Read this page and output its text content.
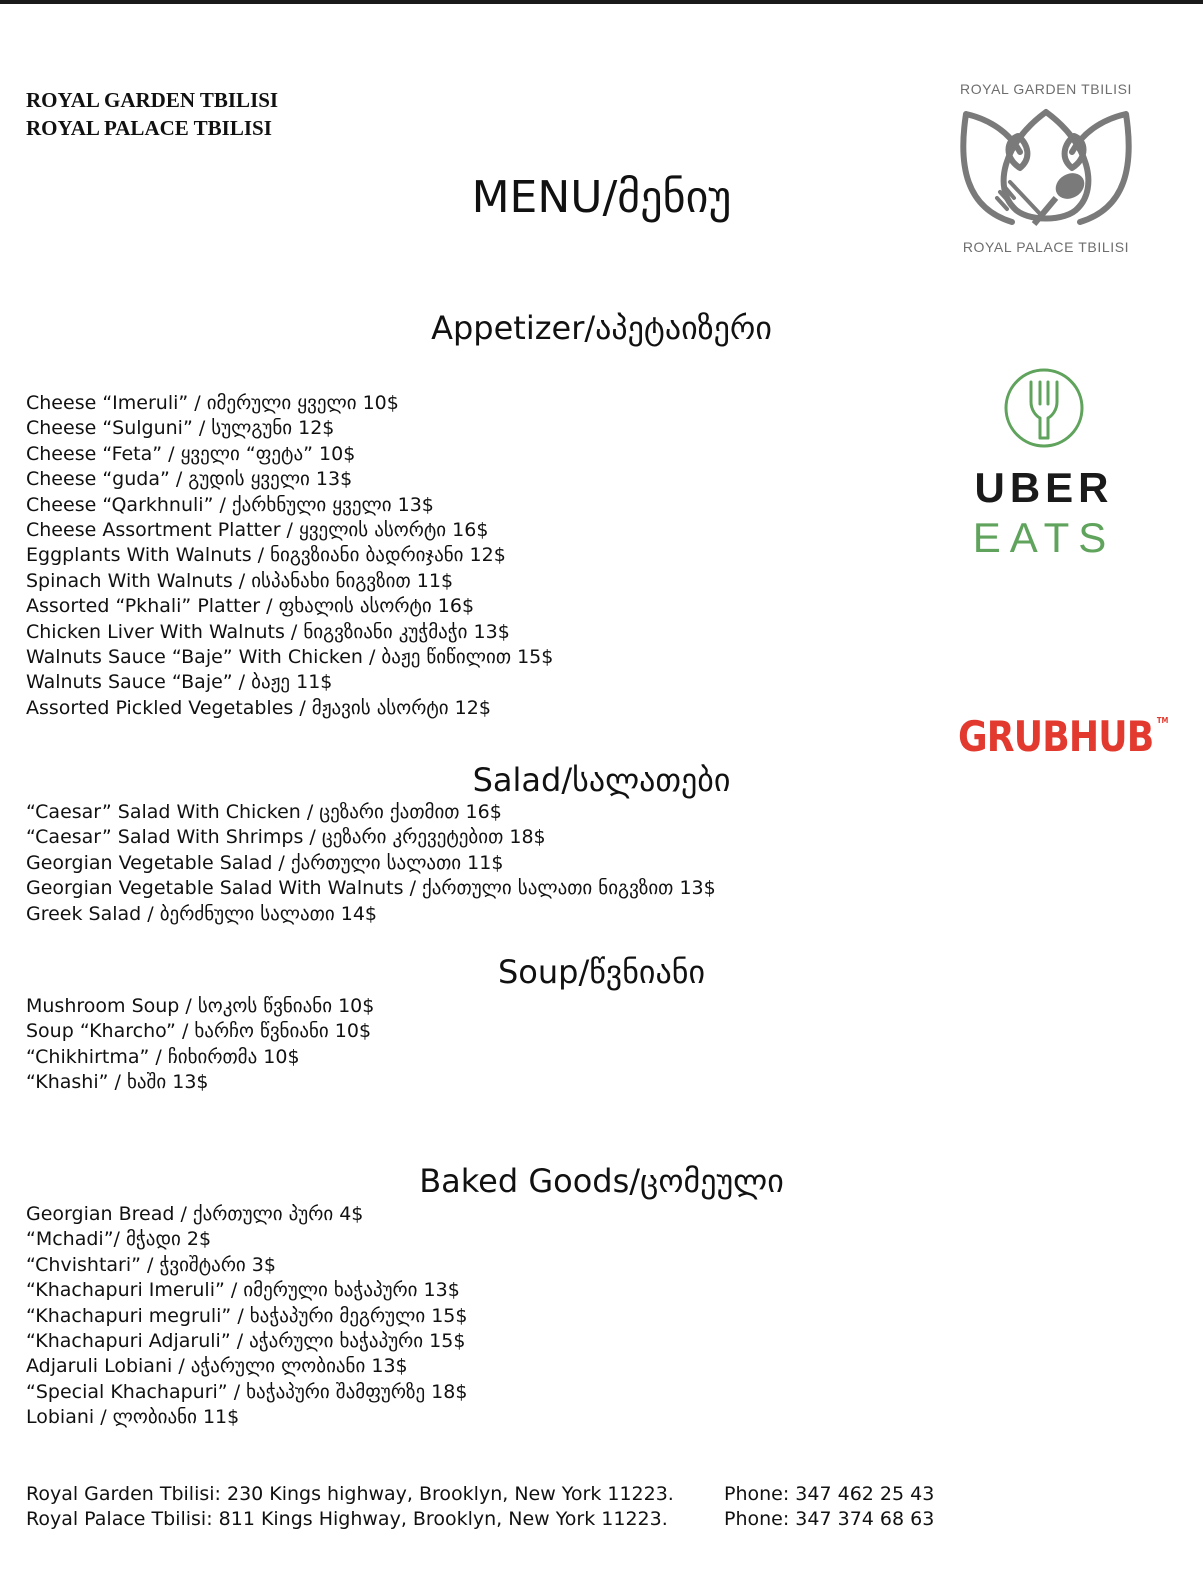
ROYAL GARDEN TBILISI
ROYAL PALACE TBILISI
MENU/მენიუ
ROYAL GARDEN TBILISI
ROYAL PALACE TBILISI
UBER
EATS
GRUBHUB ™
Appetizer/აპეტაიზერი
Cheese “Imeruli” / იმერული ყველი 10$
Cheese “Sulguni” / სულგუნი 12$
Cheese “Feta” / ყველი “ფეტა” 10$
Cheese “guda” / გუდის ყველი 13$
Cheese “Qarkhnuli” / ქარხნული ყველი 13$
Cheese Assortment Platter / ყველის ასორტი 16$
Eggplants With Walnuts / ნიგვზიანი ბადრიჯანი 12$
Spinach With Walnuts / ისპანახი ნიგვზით 11$
Assorted “Pkhali” Platter / ფხალის ასორტი 16$
Chicken Liver With Walnuts / ნიგვზიანი კუჭმაჭი 13$
Walnuts Sauce “Baje” With Chicken / ბაჟე წიწილით 15$
Walnuts Sauce “Baje” / ბაჟე 11$
Assorted Pickled Vegetables / მჟავის ასორტი 12$
Salad/სალათები
“Caesar” Salad With Chicken / ცეზარი ქათმით 16$
“Caesar” Salad With Shrimps / ცეზარი კრევეტებით 18$
Georgian Vegetable Salad / ქართული სალათი 11$
Georgian Vegetable Salad With Walnuts / ქართული სალათი ნიგვზით 13$
Greek Salad / ბერძნული სალათი 14$
Soup/წვნიანი
Mushroom Soup / სოკოს წვნიანი 10$
Soup “Kharcho” / ხარჩო წვნიანი 10$
“Chikhirtma” / ჩიხირთმა 10$
“Khashi” / ხაში 13$
Baked Goods/ცომეული
Georgian Bread / ქართული პური 4$
“Mchadi”/ მჭადი 2$
“Chvishtari” / ჭვიშტარი 3$
“Khachapuri Imeruli” / იმერული ხაჭაპური 13$
“Khachapuri megruli” / ხაჭაპური მეგრული 15$
“Khachapuri Adjaruli” / აჭარული ხაჭაპური 15$
Adjaruli Lobiani / აჭარული ლობიანი 13$
“Special Khachapuri” / ხაჭაპური შამფურზე 18$
Lobiani / ლობიანი 11$
Royal Garden Tbilisi: 230 Kings highway, Brooklyn, New York 11223.	Phone: 347 462 25 43
Royal Palace Tbilisi: 811 Kings Highway, Brooklyn, New York 11223.	Phone: 347 374 68 63
